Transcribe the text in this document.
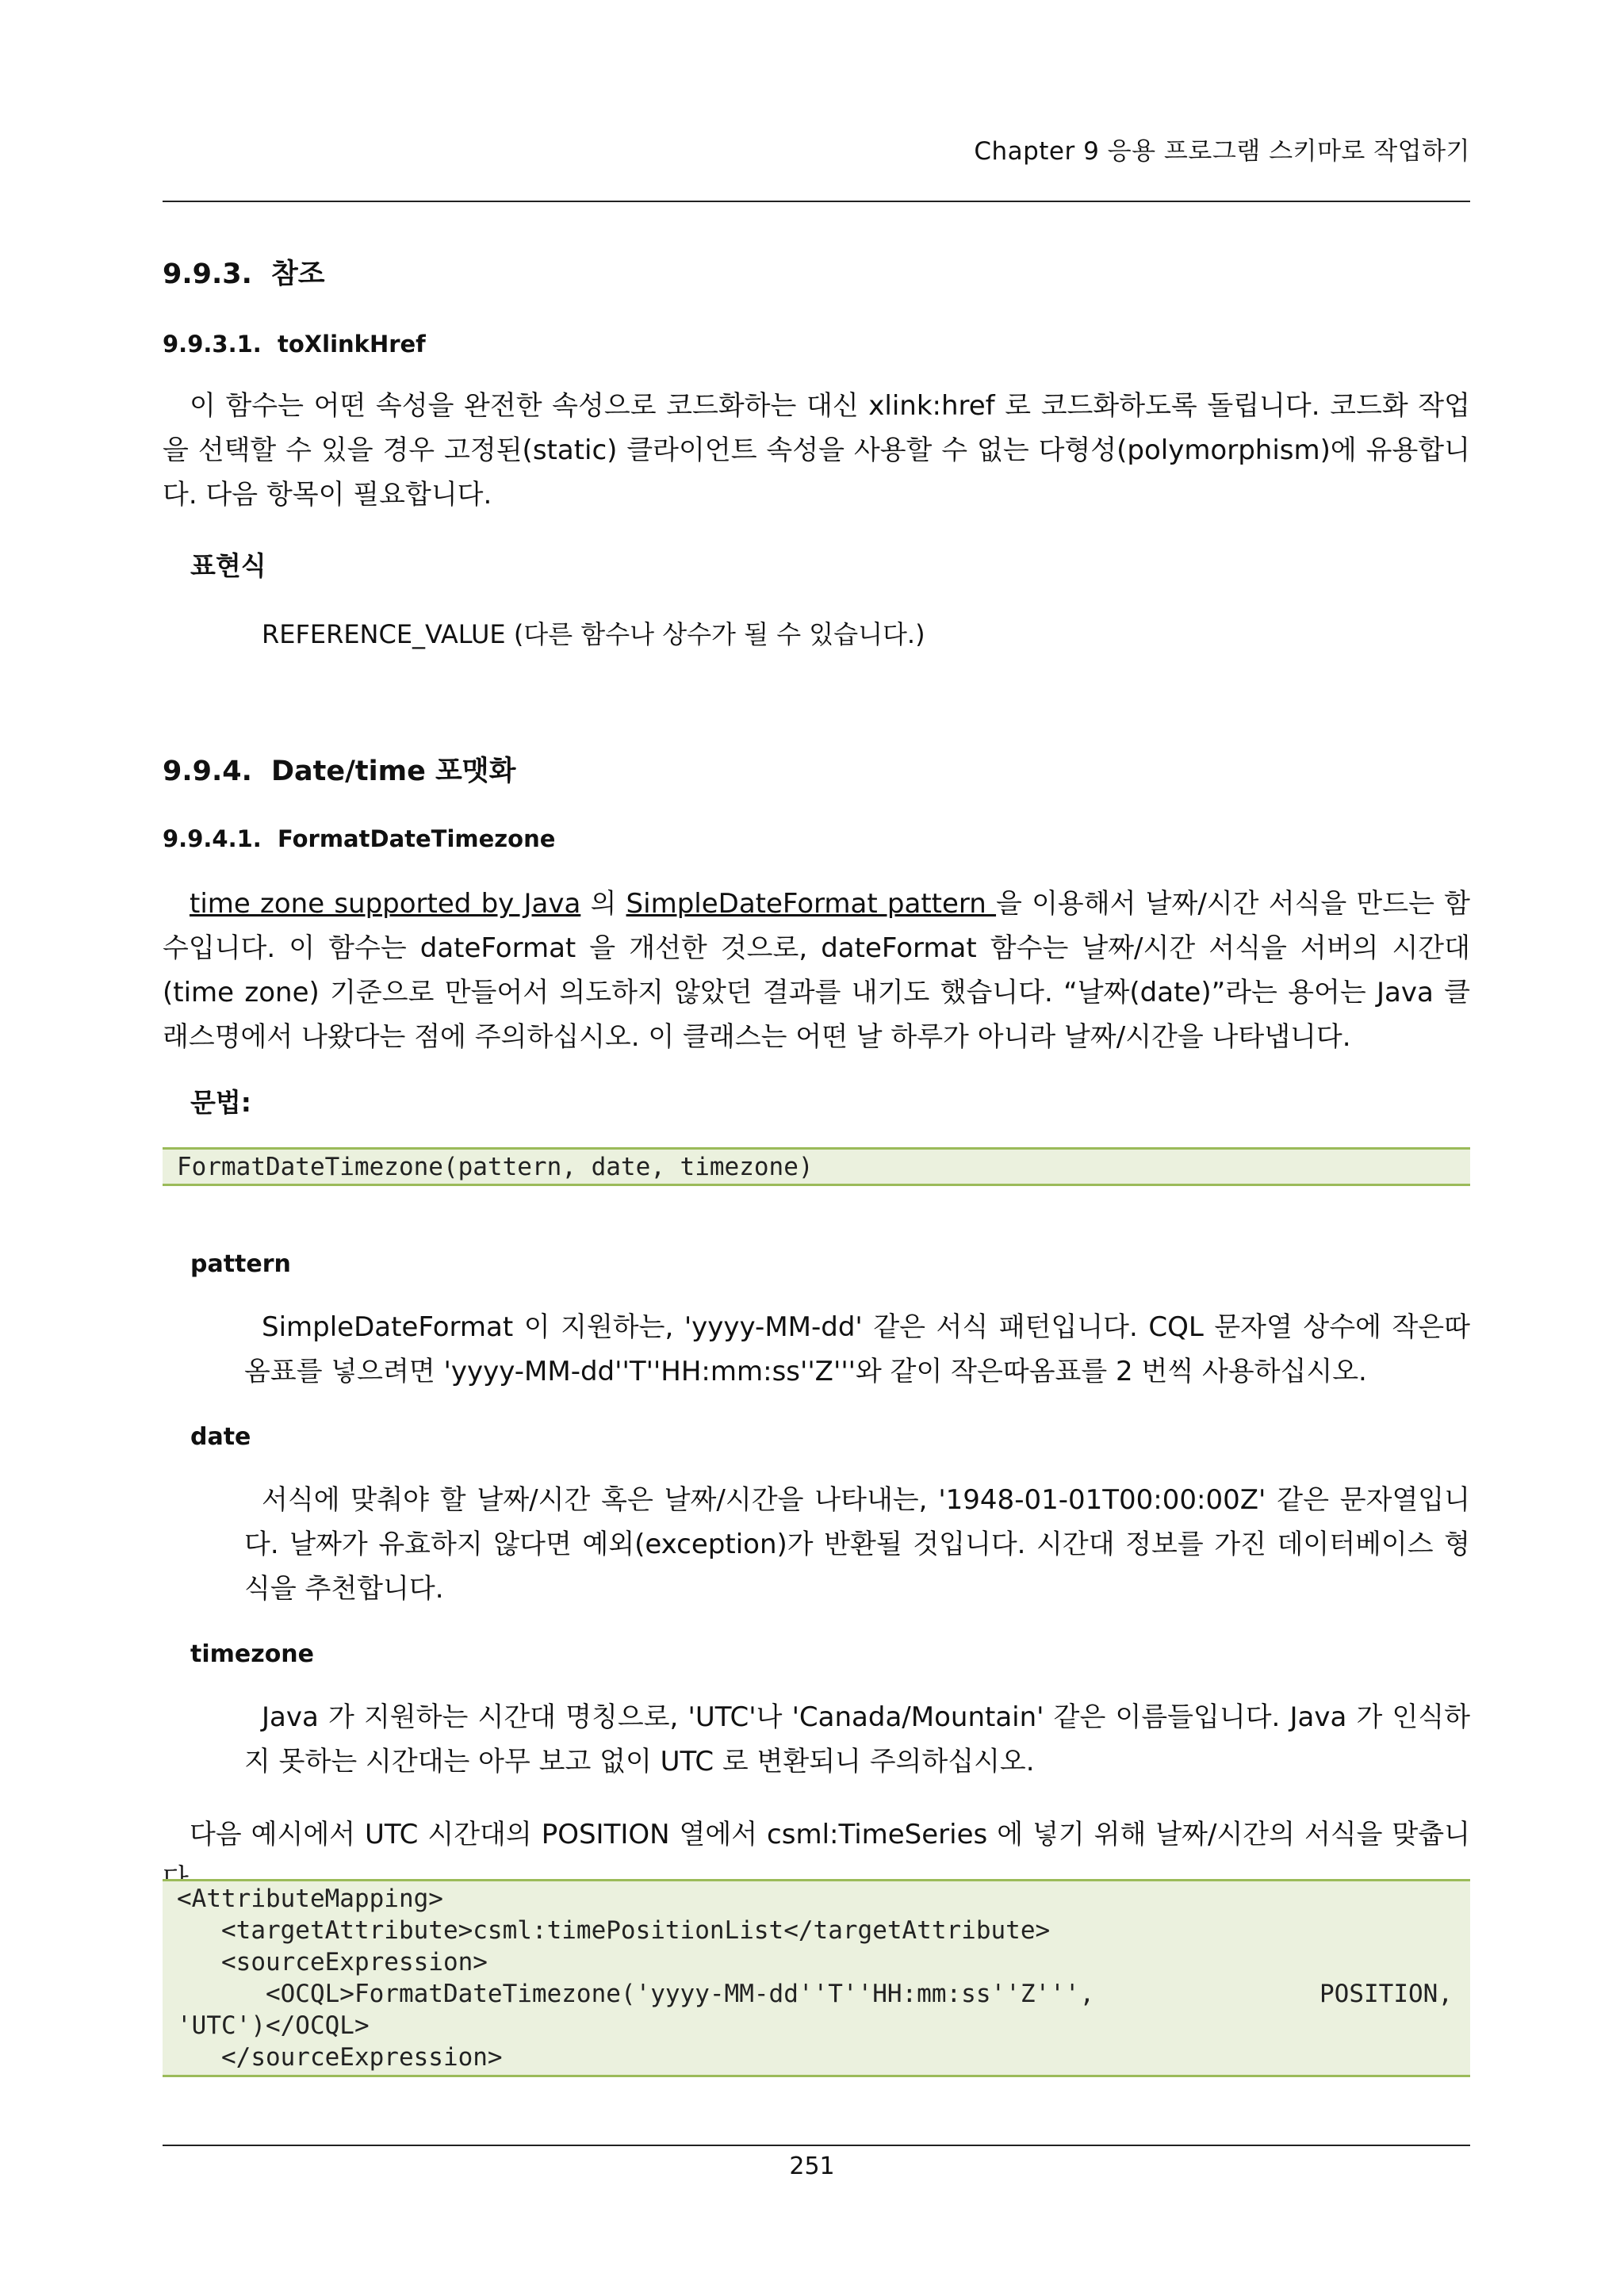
Chapter 9 응용 프로그램 스키마로 작업하기
9.9.3. 참조
9.9.3.1. toXlinkHref
이 함수는 어떤 속성을 완전한 속성으로 코드화하는 대신 xlink:href 로 코드화하도록 돌립니다. 코드화 작업을 선택할 수 있을 경우 고정된(static) 클라이언트 속성을 사용할 수 없는 다형성(polymorphism)에 유용합니다. 다음 항목이 필요합니다.
표현식
REFERENCE_VALUE (다른 함수나 상수가 될 수 있습니다.)
9.9.4. Date/time 포맷화
9.9.4.1. FormatDateTimezone
time zone supported by Java 의 SimpleDateFormat pattern 을 이용해서 날짜/시간 서식을 만드는 함수입니다. 이 함수는 dateFormat 을 개선한 것으로, dateFormat 함수는 날짜/시간 서식을 서버의 시간대(time zone) 기준으로 만들어서 의도하지 않았던 결과를 내기도 했습니다. “날짜(date)”라는 용어는 Java 클래스명에서 나왔다는 점에 주의하십시오. 이 클래스는 어떤 날 하루가 아니라 날짜/시간을 나타냅니다.
문법:
FormatDateTimezone(pattern, date, timezone)
pattern
SimpleDateFormat 이 지원하는, 'yyyy-MM-dd' 같은 서식 패턴입니다. CQL 문자열 상수에 작은따옴표를 넣으려면 'yyyy-MM-dd''T''HH:mm:ss''Z'''와 같이 작은따옴표를 2 번씩 사용하십시오.
date
서식에 맞춰야 할 날짜/시간 혹은 날짜/시간을 나타내는, '1948-01-01T00:00:00Z' 같은 문자열입니다. 날짜가 유효하지 않다면 예외(exception)가 반환될 것입니다. 시간대 정보를 가진 데이터베이스 형식을 추천합니다.
timezone
Java 가 지원하는 시간대 명칭으로, 'UTC'나 'Canada/Mountain' 같은 이름들입니다. Java 가 인식하지 못하는 시간대는 아무 보고 없이 UTC 로 변환되니 주의하십시오.
다음 예시에서 UTC 시간대의 POSITION 열에서 csml:TimeSeries 에 넣기 위해 날짜/시간의 서식을 맞춥니
<AttributeMapping>
<targetAttribute>csml:timePositionList</targetAttribute>
<sourceExpression>
<OCQL>FormatDateTimezone('yyyy-MM-dd''T''HH:mm:ss''Z''',	POSITION,
'UTC')</OCQL>
</sourceExpression>
251
